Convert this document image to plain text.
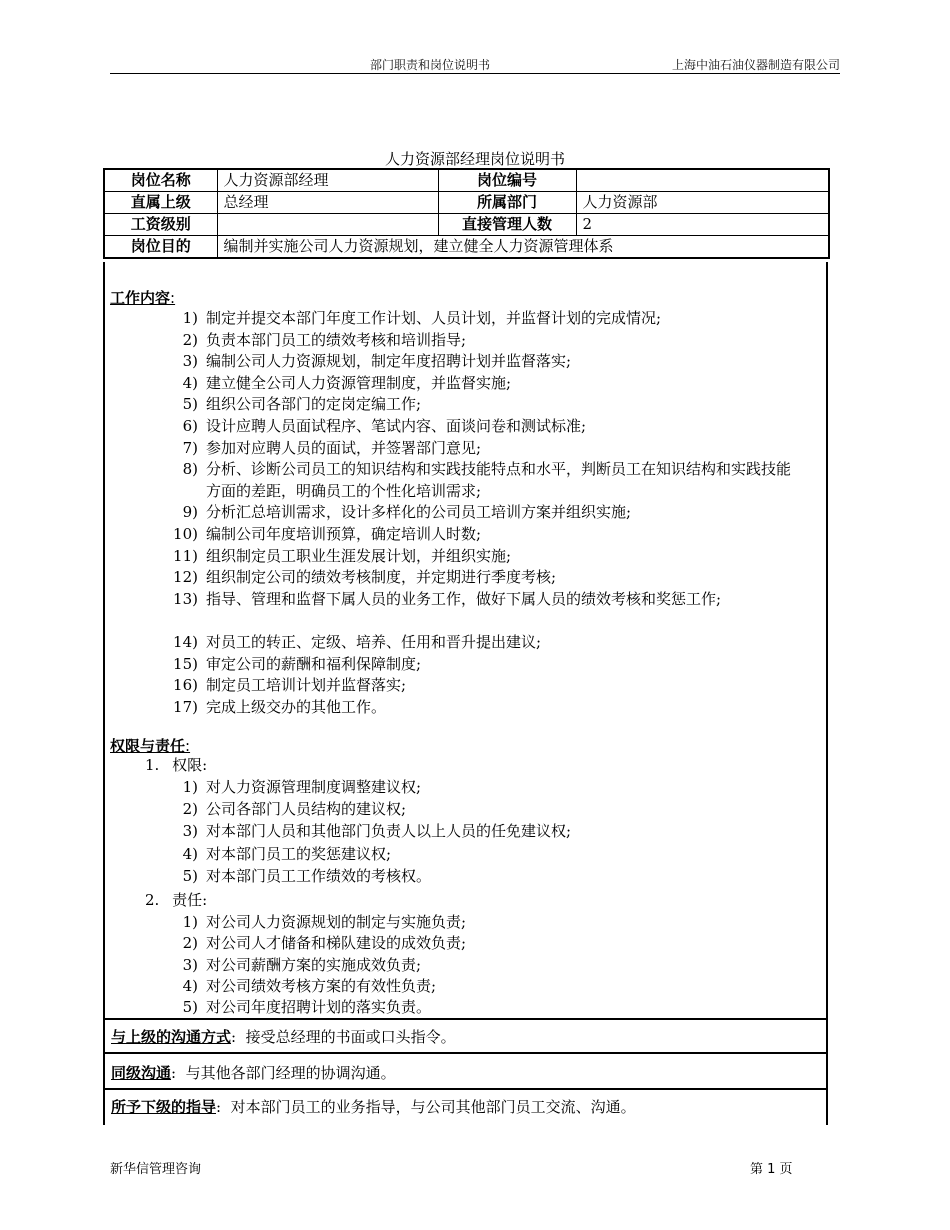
部门职责和岗位说明书	上海中油石油仪器制造有限公司
人力资源部经理岗位说明书
岗位名称	人力资源部经理	岗位编号	
直属上级	总经理	所属部门	人力资源部
工资级别		直接管理人数	2
岗位目的	编制并实施公司人力资源规划，建立健全人力资源管理体系		
工作内容:
1) 制定并提交本部门年度工作计划、人员计划，并监督计划的完成情况;
2) 负责本部门员工的绩效考核和培训指导;
3) 编制公司人力资源规划，制定年度招聘计划并监督落实;
4) 建立健全公司人力资源管理制度，并监督实施;
5) 组织公司各部门的定岗定编工作;
6) 设计应聘人员面试程序、笔试内容、面谈问卷和测试标准;
7) 参加对应聘人员的面试，并签署部门意见;
8) 分析、诊断公司员工的知识结构和实践技能特点和水平，判断员工在知识结构和实践技能方面的差距，明确员工的个性化培训需求;
9) 分析汇总培训需求，设计多样化的公司员工培训方案并组织实施;
10) 编制公司年度培训预算，确定培训人时数;
11) 组织制定员工职业生涯发展计划，并组织实施;
12) 组织制定公司的绩效考核制度，并定期进行季度考核;
13) 指导、管理和监督下属人员的业务工作，做好下属人员的绩效考核和奖惩工作;
14) 对员工的转正、定级、培养、任用和晋升提出建议;
15) 审定公司的薪酬和福利保障制度;
16) 制定员工培训计划并监督落实;
17) 完成上级交办的其他工作。
权限与责任:
1. 权限:
1) 对人力资源管理制度调整建议权;
2) 公司各部门人员结构的建议权;
3) 对本部门人员和其他部门负责人以上人员的任免建议权;
4) 对本部门员工的奖惩建议权;
5) 对本部门员工工作绩效的考核权。
2. 责任:
1) 对公司人力资源规划的制定与实施负责;
2) 对公司人才储备和梯队建设的成效负责;
3) 对公司薪酬方案的实施成效负责;
4) 对公司绩效考核方案的有效性负责;
5) 对公司年度招聘计划的落实负责。
与上级的沟通方式:  接受总经理的书面或口头指令。
同级沟通:  与其他各部门经理的协调沟通。
所予下级的指导:  对本部门员工的业务指导，与公司其他部门员工交流、沟通。
新华信管理咨询	第 1 页
